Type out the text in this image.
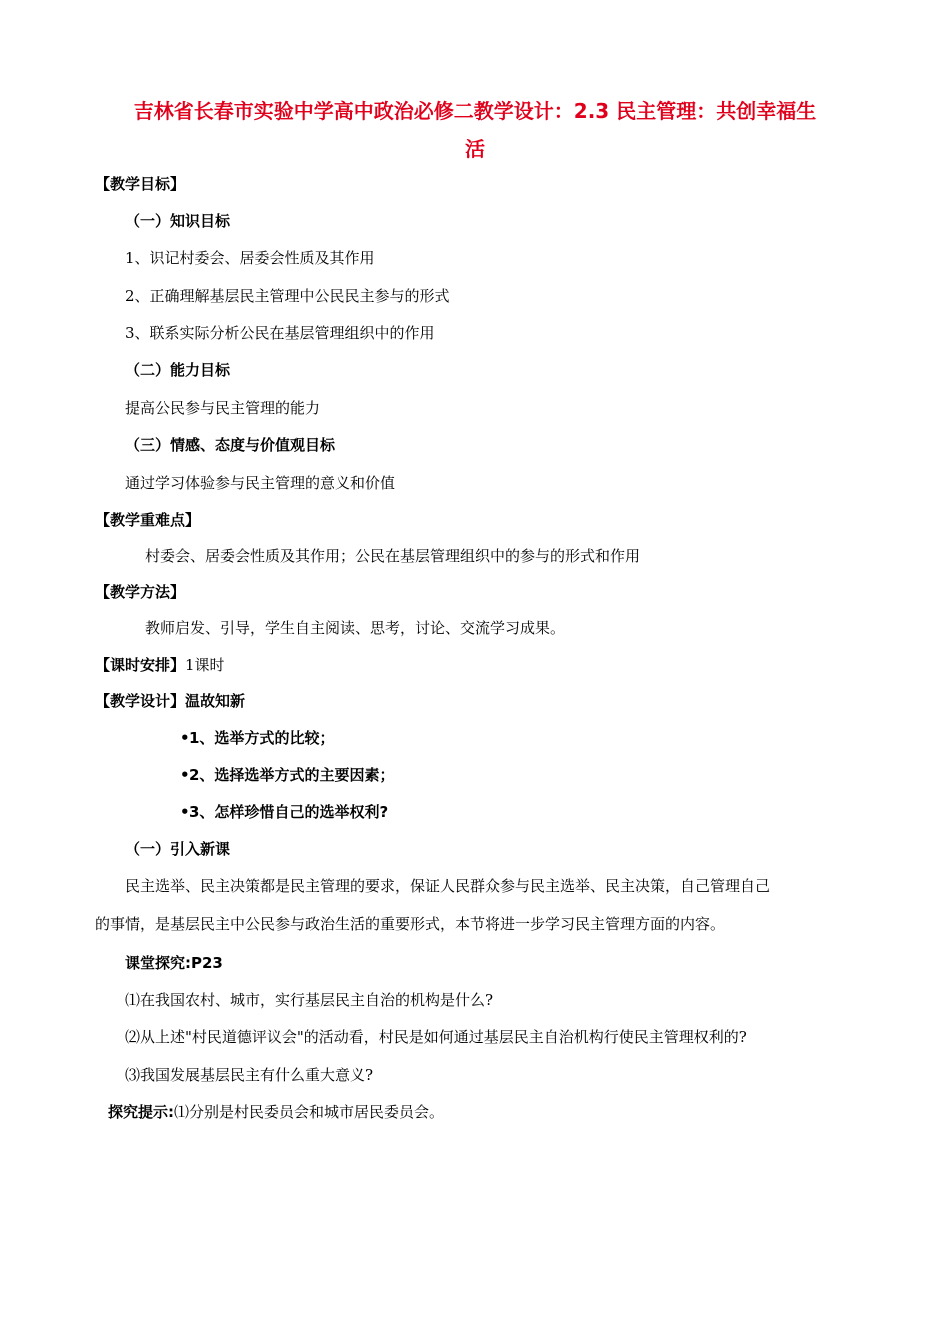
吉林省长春市实验中学高中政治必修二教学设计：2.3 民主管理：共创幸福生
活
【教学目标】
（一）知识目标
1、识记村委会、居委会性质及其作用
2、正确理解基层民主管理中公民民主参与的形式
3、联系实际分析公民在基层管理组织中的作用
（二）能力目标
提高公民参与民主管理的能力
（三）情感、态度与价值观目标
通过学习体验参与民主管理的意义和价值
【教学重难点】
村委会、居委会性质及其作用；公民在基层管理组织中的参与的形式和作用
【教学方法】
教师启发、引导，学生自主阅读、思考，讨论、交流学习成果。
【课时安排】1课时
【教学设计】温故知新
•1、选举方式的比较；
•2、选择选举方式的主要因素；
•3、怎样珍惜自己的选举权利?
（一）引入新课
民主选举、民主决策都是民主管理的要求，保证人民群众参与民主选举、民主决策，自己管理自己
的事情，是基层民主中公民参与政治生活的重要形式，本节将进一步学习民主管理方面的内容。
课堂探究:P23
⑴在我国农村、城市，实行基层民主自治的机构是什么?
⑵从上述"村民道德评议会"的活动看，村民是如何通过基层民主自治机构行使民主管理权利的?
⑶我国发展基层民主有什么重大意义?
探究提示:⑴分别是村民委员会和城市居民委员会。
